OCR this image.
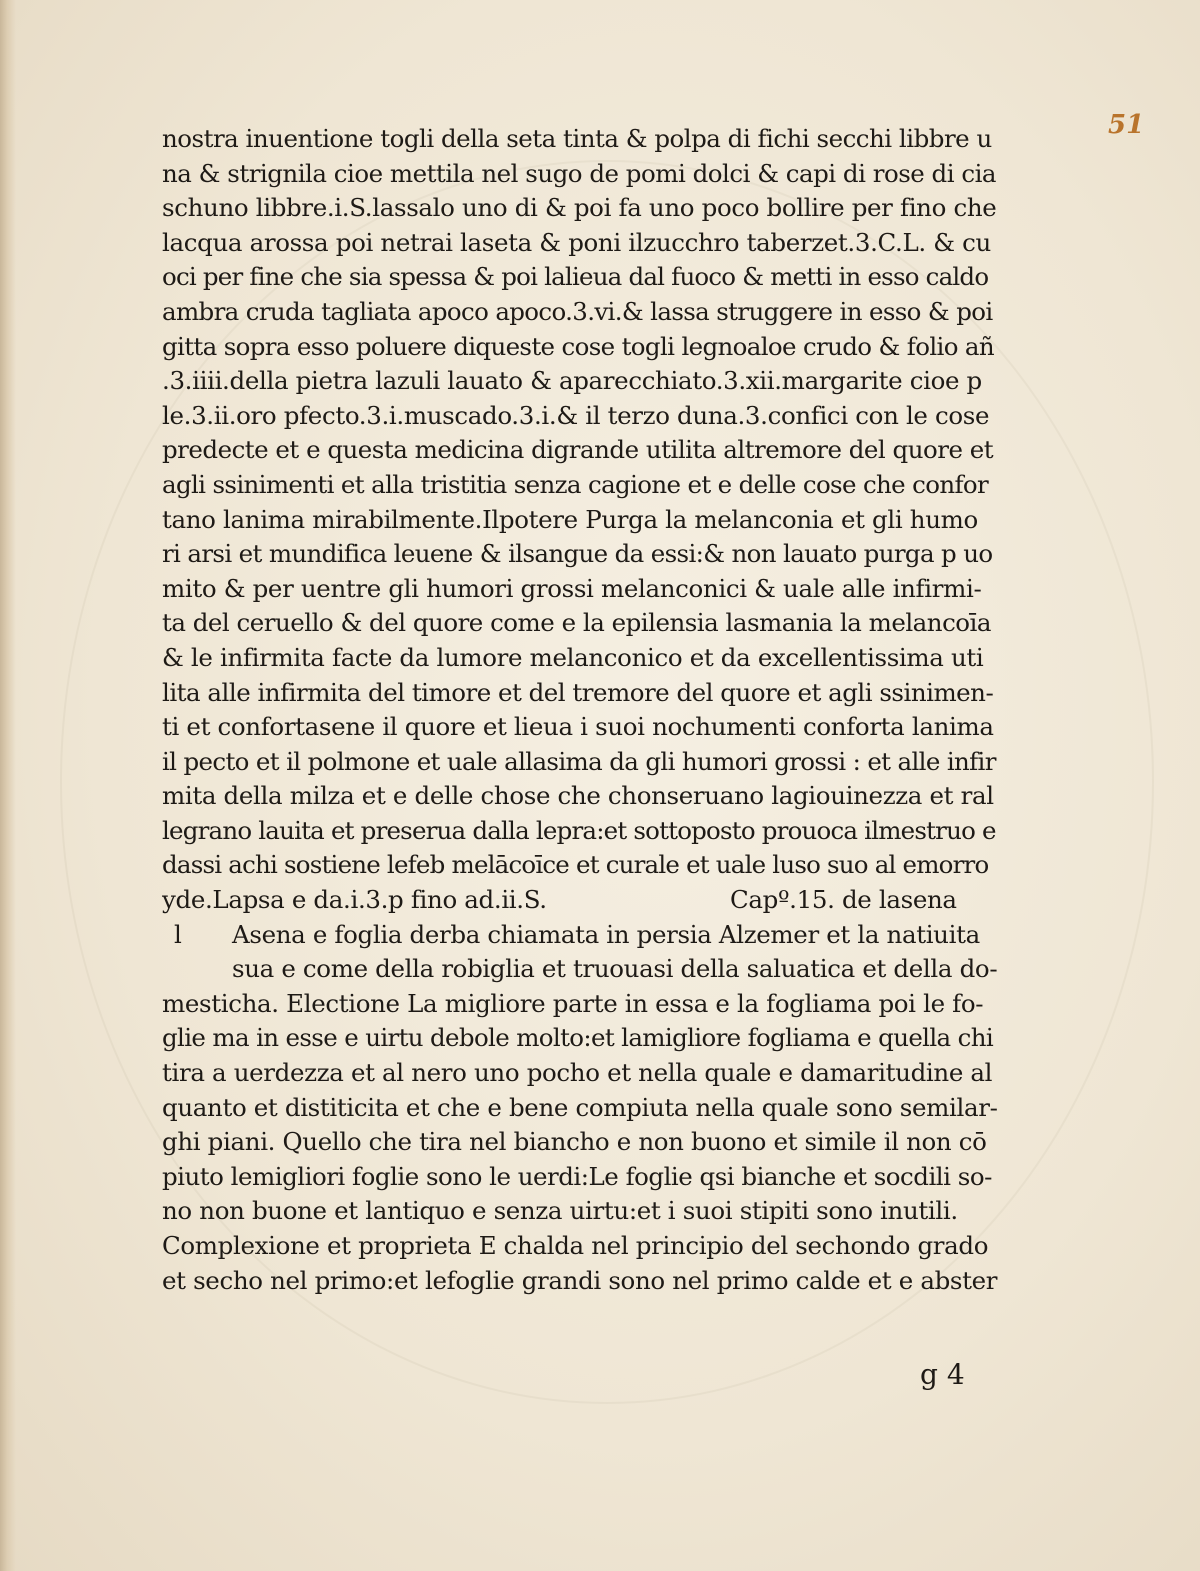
51
nostra inuentione togli della seta tinta & polpa di fichi secchi libbre u
na & strignila cioe mettila nel sugo de pomi dolci & capi di rose di cia
schuno libbre.i.S.lassalo uno di & poi fa uno poco bollire per fino che
lacqua arossa poi netrai laseta & poni ilzucchro taberzet.3.C.L. & cu
oci per fine che sia spessa & poi lalieua dal fuoco & metti in esso caldo
ambra cruda tagliata apoco apoco.3.vi.& lassa struggere in esso & poi
gitta sopra esso poluere diqueste cose togli legnoaloe crudo & folio añ
.3.iiii.della pietra lazuli lauato & aparecchiato.3.xii.margarite cioe p
le.3.ii.oro pfecto.3.i.muscado.3.i.& il terzo duna.3.confici con le cose
predecte et e questa medicina digrande utilita altremore del quore et
agli ssinimenti et alla tristitia senza cagione et e delle cose che confor
tano lanima mirabilmente.Ilpotere Purga la melanconia et gli humo
ri arsi et mundifica leuene & ilsangue da essi:& non lauato purga p uo
mito & per uentre gli humori grossi melanconici & uale alle infirmi-
ta del ceruello & del quore come e la epilensia lasmania la melancoīa
& le infirmita facte da lumore melanconico et da excellentissima uti
lita alle infirmita del timore et del tremore del quore et agli ssinimen-
ti et confortasene il quore et lieua i suoi nochumenti conforta lanima
il pecto et il polmone et uale allasima da gli humori grossi : et alle infir
mita della milza et e delle chose che chonseruano lagiouinezza et ral
legrano lauita et preserua dalla lepra:et sottoposto prouoca ilmestruo e
dassi achi sostiene lefeb melācoīce et curale et uale luso suo al emorro
yde.Lapsa e da.i.3.p fino ad.ii.S.	Capº.15. de lasena
l Asena e foglia derba chiamata in persia Alzemer et la natiuita
sua e come della robiglia et truouasi della saluatica et della do-
mesticha. Electione La migliore parte in essa e la fogliama poi le fo-
glie ma in esse e uirtu debole molto:et lamigliore fogliama e quella chi
tira a uerdezza et al nero uno pocho et nella quale e damaritudine al
quanto et distiticita et che e bene compiuta nella quale sono semilar-
ghi piani. Quello che tira nel biancho e non buono et simile il non cō
piuto lemigliori foglie sono le uerdi:Le foglie qsi bianche et socdili so-
no non buone et lantiquo e senza uirtu:et i suoi stipiti sono inutili.
Complexione et proprieta E chalda nel principio del sechondo grado
et secho nel primo:et lefoglie grandi sono nel primo calde et e abster
g 4
